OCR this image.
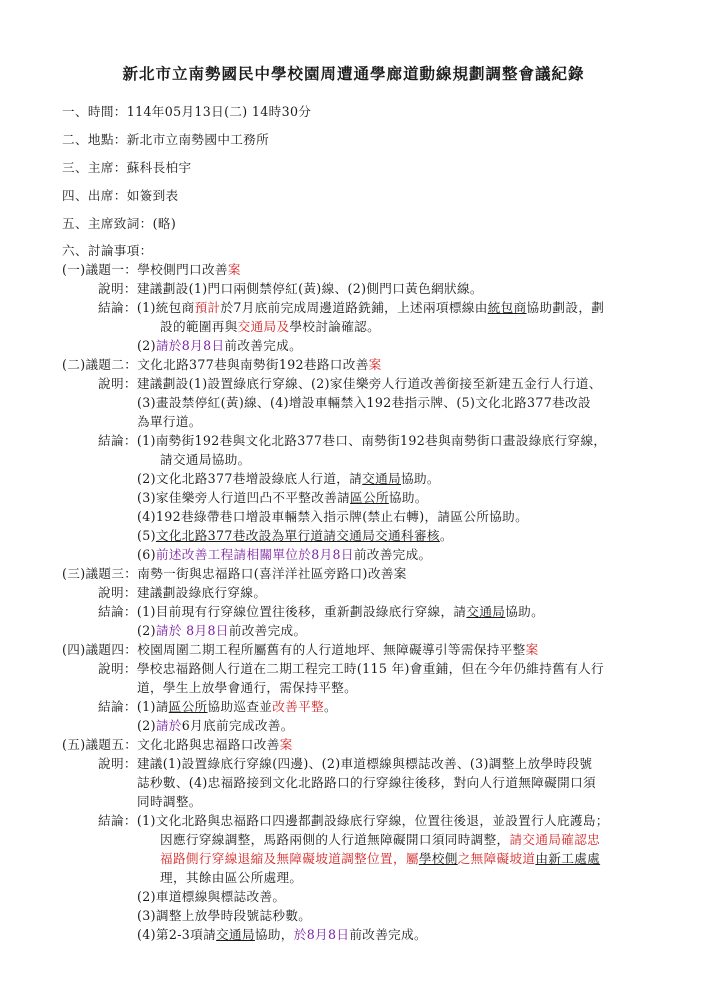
新北市立南勢國民中學校園周遭通學廊道動線規劃調整會議紀錄
一、時間：114年05月13日(二) 14時30分
二、地點：新北市立南勢國中工務所
三、主席：蘇科長柏宇
四、出席：如簽到表
五、主席致詞：(略)
六、討論事項：
(一)議題一：學校側門口改善案
說明：建議劃設(1)門口兩側禁停紅(黃)線、(2)側門口黃色網狀線。
結論：(1)統包商預計於7月底前完成周邊道路銑鋪，上述兩項標線由統包商協助劃設，劃
設的範圍再與交通局及學校討論確認。
(2)請於8月8日前改善完成。
(二)議題二：文化北路377巷與南勢街192巷路口改善案
說明：建議劃設(1)設置綠底行穿線、(2)家佳樂旁人行道改善銜接至新建五金行人行道、
(3)畫設禁停紅(黃)線、(4)增設車輛禁入192巷指示牌、(5)文化北路377巷改設
為單行道。
結論：(1)南勢街192巷與文化北路377巷口、南勢街192巷與南勢街口畫設綠底行穿線，
請交通局協助。
(2)文化北路377巷增設綠底人行道，請交通局協助。
(3)家佳樂旁人行道凹凸不平整改善請區公所協助。
(4)192巷綠帶巷口增設車輛禁入指示牌(禁止右轉)，請區公所協助。
(5)文化北路377巷改設為單行道請交通局交通科審核。
(6)前述改善工程請相關單位於8月8日前改善完成。
(三)議題三：南勢一街與忠福路口(喜洋洋社區旁路口)改善案
說明：建議劃設綠底行穿線。
結論：(1)目前現有行穿線位置往後移，重新劃設綠底行穿線，請交通局協助。
(2)請於 8月8日前改善完成。
(四)議題四：校園周圍二期工程所屬舊有的人行道地坪、無障礙導引等需保持平整案
說明：學校忠福路側人行道在二期工程完工時(115 年)會重鋪，但在今年仍維持舊有人行
道，學生上放學會通行，需保持平整。
結論：(1)請區公所協助巡查並改善平整。
(2)請於6月底前完成改善。
(五)議題五：文化北路與忠福路口改善案
說明：建議(1)設置綠底行穿線(四邊)、(2)車道標線與標誌改善、(3)調整上放學時段號
誌秒數、(4)忠福路接到文化北路路口的行穿線往後移，對向人行道無障礙開口須
同時調整。
結論：(1)文化北路與忠福路口四邊都劃設綠底行穿線，位置往後退，並設置行人庇護島；
因應行穿線調整，馬路兩側的人行道無障礙開口須同時調整，請交通局確認忠
福路側行穿線退縮及無障礙坡道調整位置，屬學校側之無障礙坡道由新工處處
理，其餘由區公所處理。
(2)車道標線與標誌改善。
(3)調整上放學時段號誌秒數。
(4)第2-3項請交通局協助，於8月8日前改善完成。
